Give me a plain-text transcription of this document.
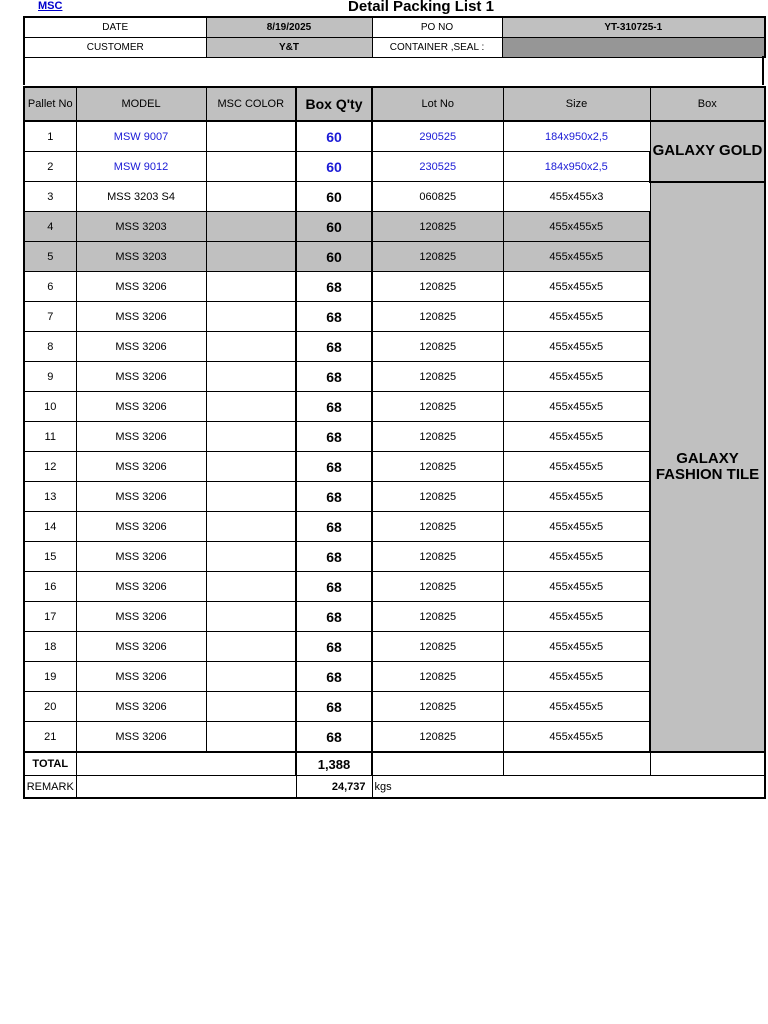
MSC	Detail Packing List 1
DATE	8/19/2025	PO NO	YT-310725-1
CUSTOMER	Y&T	CONTAINER ,SEAL :	
Pallet No	MODEL	MSC COLOR	Box Q'ty	Lot No	Size	Box
1	MSW 9007		60	290525	184x950x2,5	GALAXY GOLD
2	MSW 9012		60	230525	184x950x2,5	
3	MSS 3203 S4		60	060825	455x455x3	GALAXY FASHION TILE
4	MSS 3203		60	120825	455x455x5	
5	MSS 3203		60	120825	455x455x5	
6	MSS 3206		68	120825	455x455x5	
7	MSS 3206		68	120825	455x455x5	
8	MSS 3206		68	120825	455x455x5	
9	MSS 3206		68	120825	455x455x5	
10	MSS 3206		68	120825	455x455x5	
11	MSS 3206		68	120825	455x455x5	
12	MSS 3206		68	120825	455x455x5	
13	MSS 3206		68	120825	455x455x5	
14	MSS 3206		68	120825	455x455x5	
15	MSS 3206		68	120825	455x455x5	
16	MSS 3206		68	120825	455x455x5	
17	MSS 3206		68	120825	455x455x5	
18	MSS 3206		68	120825	455x455x5	
19	MSS 3206		68	120825	455x455x5	
20	MSS 3206		68	120825	455x455x5	
21	MSS 3206		68	120825	455x455x5	
TOTAL			1,388			
REMARK			24,737	kgs		
